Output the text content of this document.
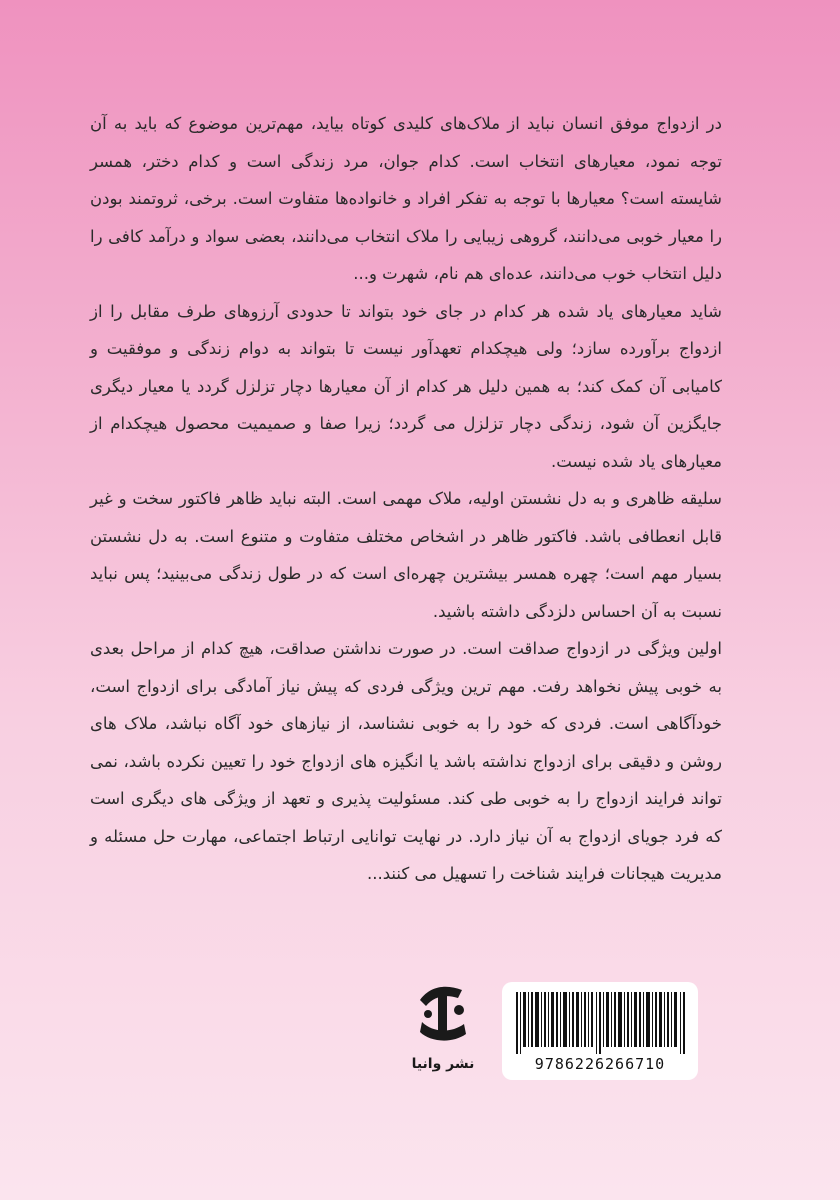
در ازدواج موفق انسان نباید از ملاک‌های کلیدی کوتاه بیاید، مهم‌ترین موضوع که باید به آن توجه نمود، معیارهای انتخاب است. کدام جوان، مرد زندگی است و کدام دختر، همسر شایسته است؟ معیارها با توجه به تفکر افراد و خانواده‌ها متفاوت است. برخی، ثروتمند بودن را معیار خوبی می‌دانند، گروهی زیبایی را ملاک انتخاب می‌دانند، بعضی سواد و درآمد کافی را دلیل انتخاب خوب می‌دانند، عده‌ای هم نام، شهرت و...

شاید معیارهای یاد شده هر کدام در جای خود بتواند تا حدودی آرزوهای طرف مقابل را از ازدواج برآورده سازد؛ ولی هیچکدام تعهدآور نیست تا بتواند به دوام زندگی و موفقیت و کامیابی آن کمک کند؛ به همین دلیل هر کدام از آن معیارها دچار تزلزل گردد یا معیار دیگری جایگزین آن شود، زندگی دچار تزلزل می گردد؛ زیرا صفا و صمیمیت محصول هیچکدام از معیارهای یاد شده نیست.

سلیقه ظاهری و به دل نشستن اولیه، ملاک مهمی است. البته نباید ظاهر فاکتور سخت و غیر قابل انعطافی باشد. فاکتور ظاهر در اشخاص مختلف متفاوت و متنوع است. به دل نشستن بسیار مهم است؛ چهره همسر بیشترین چهره‌ای است که در طول زندگی می‌بینید؛ پس نباید نسبت به آن احساس دلزدگی داشته باشید.

اولین ویژگی در ازدواج صداقت است. در صورت نداشتن صداقت، هیچ کدام از مراحل بعدی به خوبی پیش نخواهد رفت. مهم ترین ویژگی فردی که پیش نیاز آمادگی برای ازدواج است، خودآگاهی است. فردی که خود را به خوبی نشناسد، از نیازهای خود آگاه نباشد، ملاک های روشن و دقیقی برای ازدواج نداشته باشد یا انگیزه های ازدواج خود را تعیین نکرده باشد، نمی تواند فرایند ازدواج را به خوبی طی کند. مسئولیت پذیری و تعهد از ویژگی های دیگری است که فرد جویای ازدواج به آن نیاز دارد. در نهایت توانایی ارتباط اجتماعی، مهارت حل مسئله و مدیریت هیجانات فرایند شناخت را تسهیل می کنند...

نشر وانیا	9786226266710
